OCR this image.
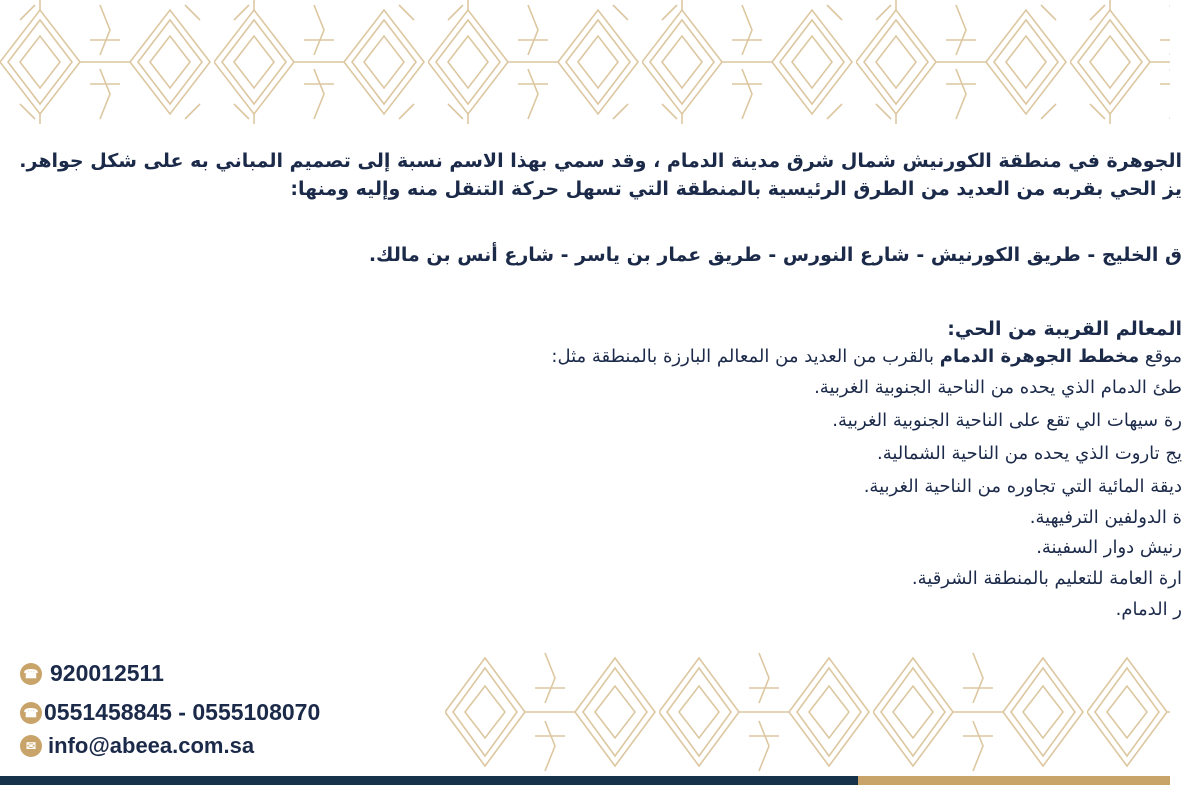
الجوهرة في منطقة الكورنيش شمال شرق مدينة الدمام ، وقد سمي بهذا الاسم نسبة إلى تصميم المباني به على شكل جواهر.
يز الحي بقربه من العديد من الطرق الرئيسية بالمنطقة التي تسهل حركة التنقل منه وإليه ومنها:
ق الخليج - طريق الكورنيش - شارع النورس - طريق عمار بن ياسر - شارع أنس بن مالك.
المعالم القريبة من الحي:
موقع مخطط الجوهرة الدمام بالقرب من العديد من المعالم البارزة بالمنطقة مثل:
طئ الدمام الذي يحده من الناحية الجنوبية الغربية.
رة سيهات الي تقع على الناحية الجنوبية الغربية.
يج تاروت الذي يحده من الناحية الشمالية.
ديقة المائية التي تجاوره من الناحية الغربية.
ة الدولفين الترفيهية.
رنيش دوار السفينة.
ارة العامة للتعليم بالمنطقة الشرقية.
ر الدمام.
☎ 920012511
☎ 0551458845 - 0555108070
✉ info@abeea.com.sa
